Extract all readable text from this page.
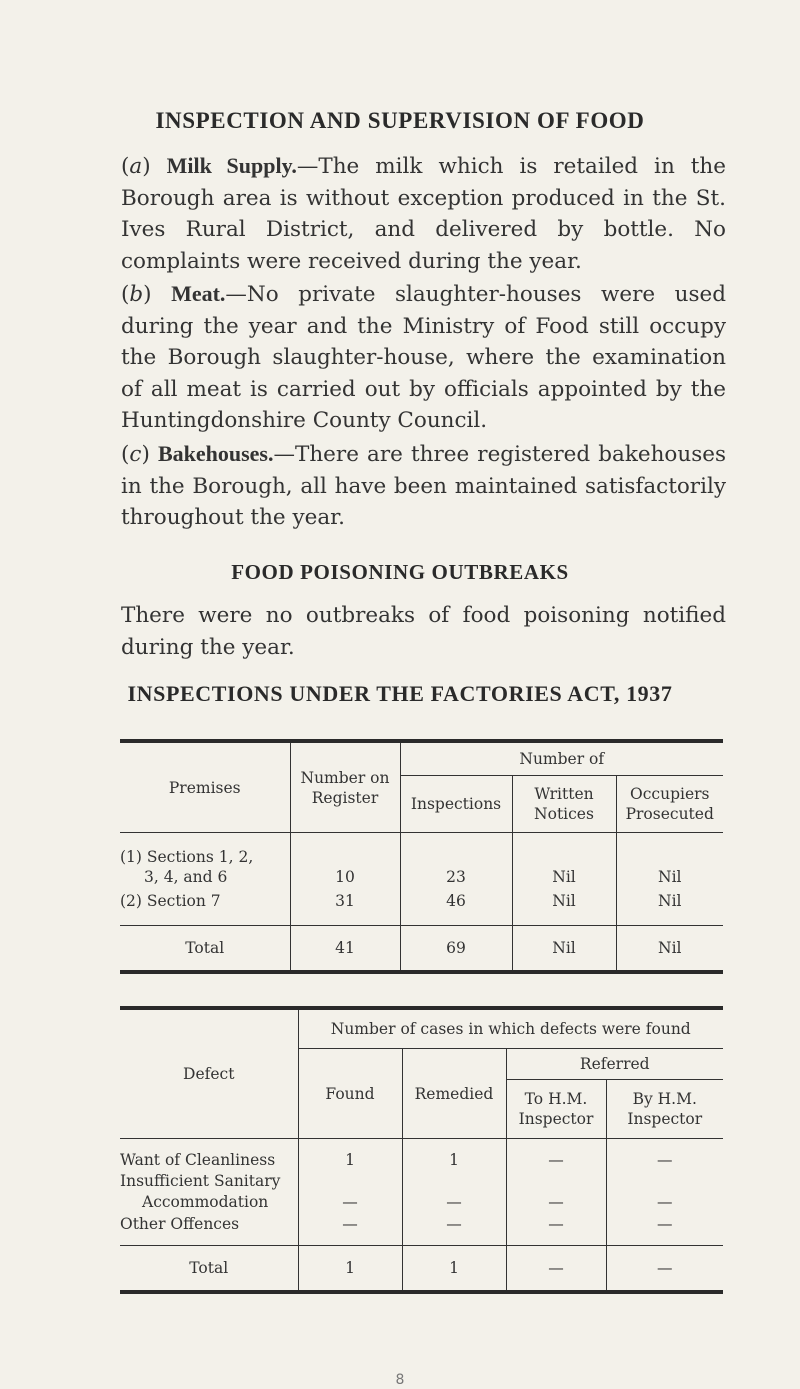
INSPECTION AND SUPERVISION OF FOOD
(a) Milk Supply.—The milk which is retailed in the Borough area is without exception produced in the St. Ives Rural District, and delivered by bottle. No complaints were received during the year.
(b) Meat.—No private slaughter-houses were used during the year and the Ministry of Food still occupy the Borough slaughter-house, where the examination of all meat is carried out by officials appointed by the Huntingdonshire County Council.
(c) Bakehouses.—There are three registered bakehouses in the Borough, all have been maintained satisfactorily throughout the year.
FOOD POISONING OUTBREAKS
There were no outbreaks of food poisoning notified during the year.
INSPECTIONS UNDER THE FACTORIES ACT, 1937
Premises	Number on Register	Number of		
		Inspections	Written Notices	Occupiers Prosecuted

(1) Sections 1, 2,
3, 4, and 6	10	23	Nil	Nil
(2) Section 7	31	46	Nil	Nil
Total	41	69	Nil	Nil
Defect	Number of cases in which defects were found			
	Found	Remedied	Referred	
			To H.M. Inspector	By H.M. Inspector
Want of Cleanliness	1	1	—	—

Insufficient Sanitary
Accommodation	—	—	—	—
Other Offences	—	—	—	—
Total	1	1	—	—
8
